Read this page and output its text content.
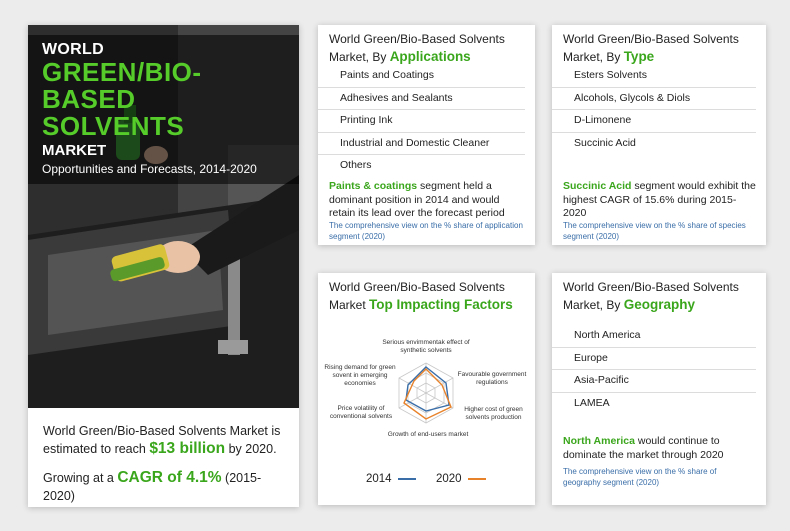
WORLD
GREEN/BIO-BASED SOLVENTS
MARKET
Opportunities and Forecasts, 2014-2020

World Green/Bio-Based Solvents Market is estimated to reach $13 billion by 2020.

Growing at a CAGR of 4.1% (2015-2020)

World Green/Bio-Based Solvents Market, By Applications
Paints and Coatings
Adhesives and Sealants
Printing Ink
Industrial and Domestic Cleaner
Others
Paints & coatings segment held a dominant position in 2014 and would retain its lead over the forecast period
The comprehensive view on the % share of application segment (2020)
World Green/Bio-Based Solvents Market, By Type
Esters Solvents
Alcohols, Glycols & Diols
D-Limonene
Succinic Acid
Succinic Acid segment would exhibit the highest CAGR of 15.6% during 2015-2020
The comprehensive view on the % share of species segment (2020)
World Green/Bio-Based Solvents Market Top Impacting Factors
Serious envimmentak effect of synthetic solvents
Favourable government regulations
Higher cost of green solvents production
Growth of end-users market
Price volatility of conventional solvents
Rising demand for green sovent in emerging economies
2014	2020
World Green/Bio-Based Solvents Market, By Geography
North America
Europe
Asia-Pacific
LAMEA
North America would continue to dominate the market through 2020
The comprehensive view on the % share of geography segment (2020)
